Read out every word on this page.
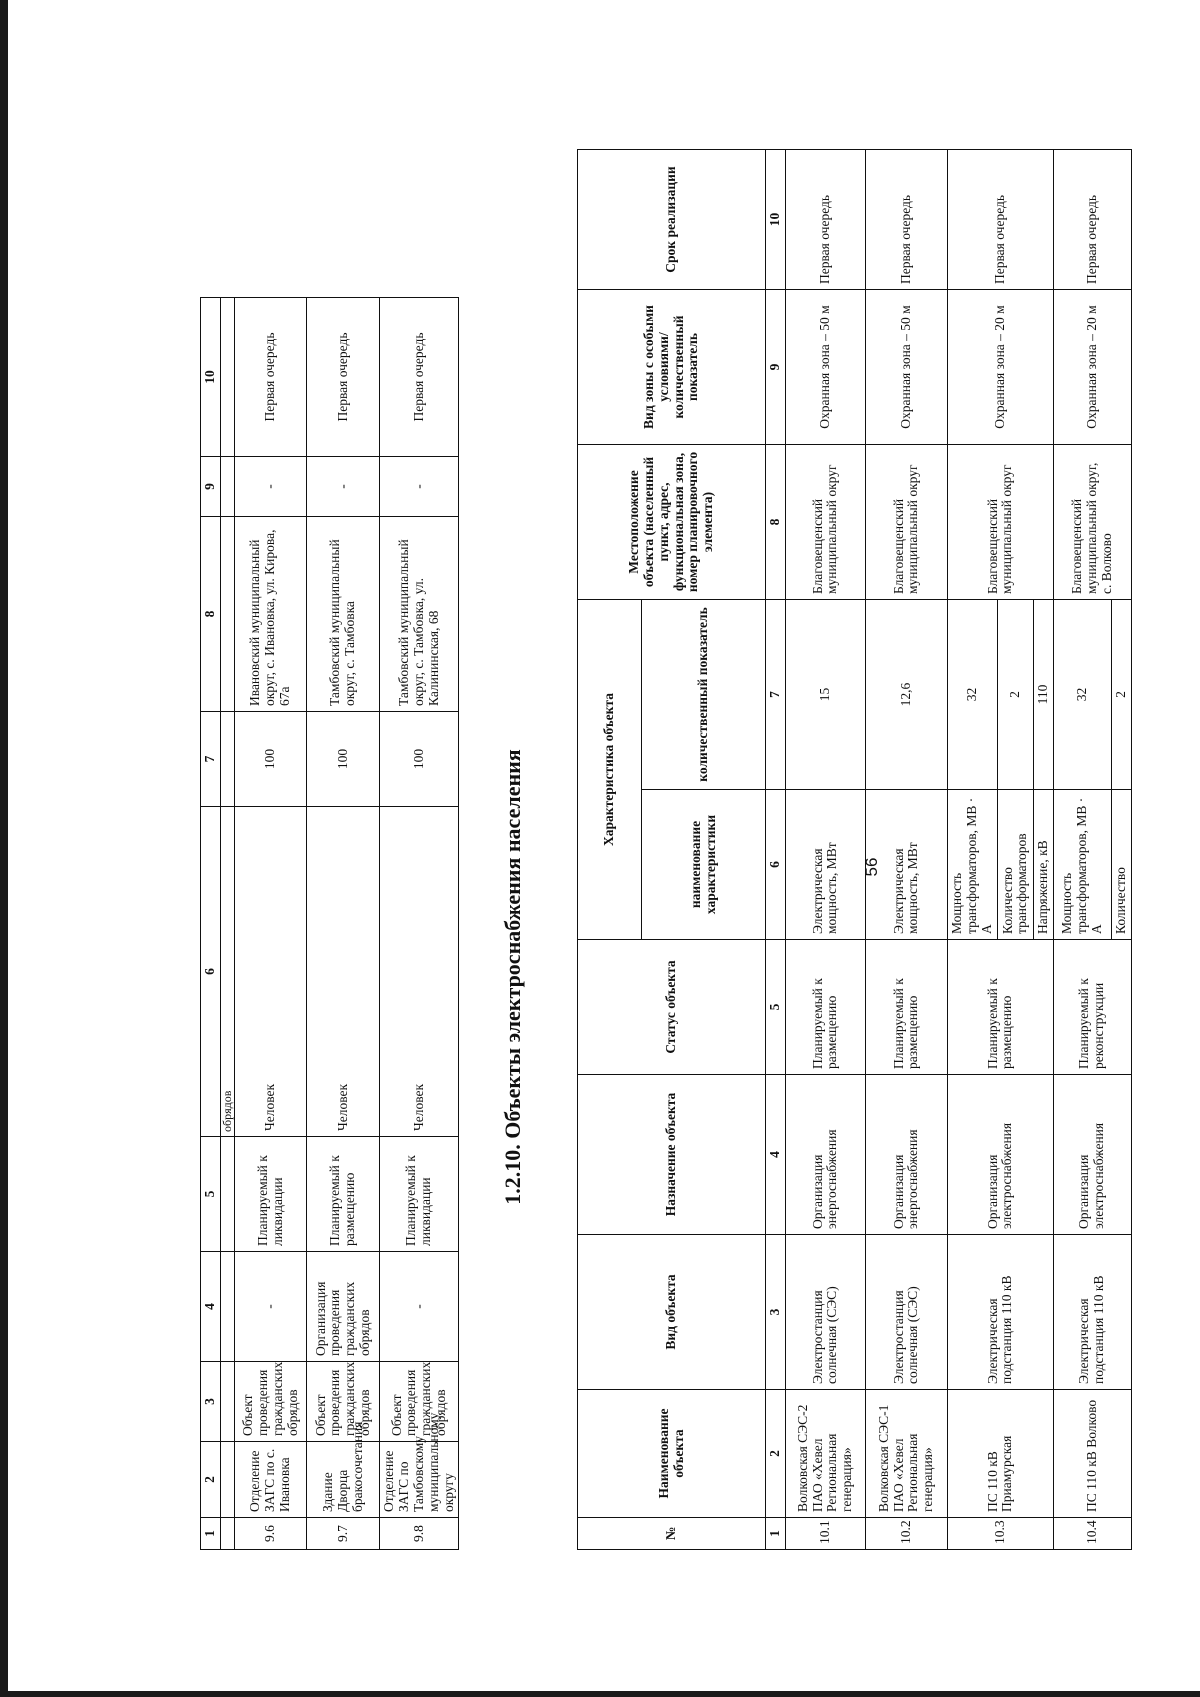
56
1	2	3	4	5	6	7	8	9	10
					обрядов				
9.6	Отделение ЗАГС по с. Ивановка	Объект проведения гражданских обрядов	-	Планируемый к ликвидации	Человек	100	Ивановский муниципальный округ, с. Ивановка, ул. Кирова, 67а	-	Первая очередь
9.7	Здание Дворца бракосочетания	Объект проведения гражданских обрядов	Организация проведения гражданских обрядов	Планируемый к размещению	Человек	100	Тамбовский муниципальный округ, с. Тамбовка	-	Первая очередь
9.8	Отделение ЗАГС по Тамбовскому муниципальному округу	Объект проведения гражданских обрядов	-	Планируемый к ликвидации	Человек	100	Тамбовский муниципальный округ, с. Тамбовка, ул. Калининская, 68	-	Первая очередь
1.2.10. Объекты электроснабжения населения
№	Наименование объекта	Вид объекта	Назначение объекта	Статус объекта	Характеристика объекта		Местоположение объекта (населенный пункт, адрес, функциональная зона, номер планировочного элемента)	Вид зоны с особыми условиями/ количественный показатель	Срок реализации
					наименование характеристики	количественный показатель			
1	2	3	4	5	6	7	8	9	10
10.1	Волковская СЭС-2 ПАО «Хевел Региональная генерация»	Электростанция солнечная (СЭС)	Организация энергоснабжения	Планируемый к размещению	Электрическая мощность, МВт	15	Благовещенский муниципальный округ	Охранная зона – 50 м	Первая очередь
10.2	Волковская СЭС-1 ПАО «Хевел Региональная генерация»	Электростанция солнечная (СЭС)	Организация энергоснабжения	Планируемый к размещению	Электрическая мощность, МВт	12,6	Благовещенский муниципальный округ	Охранная зона – 50 м	Первая очередь
10.3	ПС 110 кВ Приамурская	Электрическая подстанция 110 кВ	Организация электроснабжения	Планируемый к размещению	Мощность трансформаторов, МВ · А	32	Благовещенский муниципальный округ	Охранная зона – 20 м	Первая очередь
					Количество трансформаторов	2			
					Напряжение, кВ	110			
10.4	ПС 110 кВ Волково	Электрическая подстанция 110 кВ	Организация электроснабжения	Планируемый к реконструкции	Мощность трансформаторов, МВ · А	32	Благовещенский муниципальный округ, с. Волково	Охранная зона – 20 м	Первая очередь
					Количество	2			
